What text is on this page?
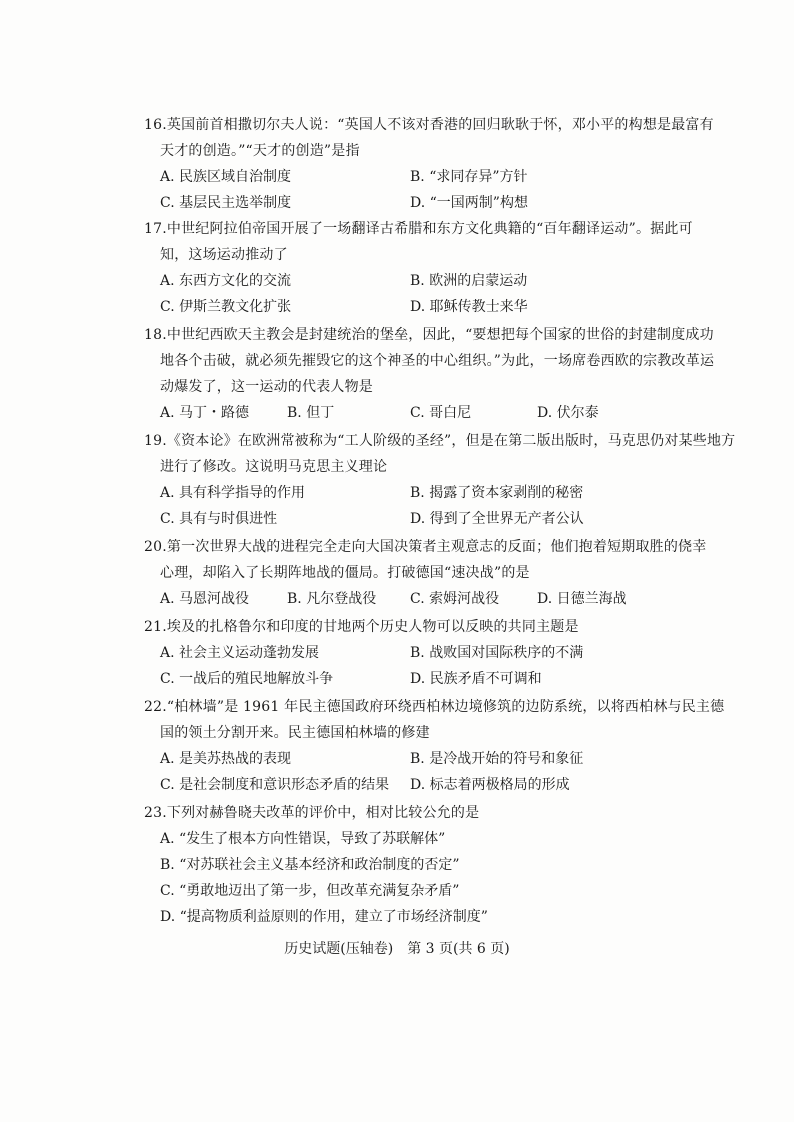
16.英国前首相撒切尔夫人说：“英国人不该对香港的回归耿耿于怀，邓小平的构想是最富有
天才的创造。”“天才的创造”是指
A. 民族区域自治制度	B. “求同存异”方针
C. 基层民主选举制度	D. “一国两制”构想
17.中世纪阿拉伯帝国开展了一场翻译古希腊和东方文化典籍的“百年翻译运动”。据此可
知，这场运动推动了
A. 东西方文化的交流	B. 欧洲的启蒙运动
C. 伊斯兰教文化扩张	D. 耶稣传教士来华
18.中世纪西欧天主教会是封建统治的堡垒，因此，“要想把每个国家的世俗的封建制度成功
地各个击破，就必须先摧毁它的这个神圣的中心组织。”为此，一场席卷西欧的宗教改革运
动爆发了，这一运动的代表人物是
A. 马丁・路德	B. 但丁	C. 哥白尼	D. 伏尔泰
19.《资本论》在欧洲常被称为“工人阶级的圣经”，但是在第二版出版时，马克思仍对某些地方
进行了修改。这说明马克思主义理论
A. 具有科学指导的作用	B. 揭露了资本家剥削的秘密
C. 具有与时俱进性	D. 得到了全世界无产者公认
20.第一次世界大战的进程完全走向大国决策者主观意志的反面；他们抱着短期取胜的侥幸
心理，却陷入了长期阵地战的僵局。打破德国“速决战”的是
A. 马恩河战役	B. 凡尔登战役 C. 索姆河战役	D. 日德兰海战
21.埃及的扎格鲁尔和印度的甘地两个历史人物可以反映的共同主题是
A. 社会主义运动蓬勃发展	B. 战败国对国际秩序的不满
C. 一战后的殖民地解放斗争	D. 民族矛盾不可调和
22.“柏林墙”是 1961 年民主德国政府环绕西柏林边境修筑的边防系统，以将西柏林与民主德
国的领土分割开来。民主德国柏林墙的修建
A. 是美苏热战的表现	B. 是冷战开始的符号和象征
C. 是社会制度和意识形态矛盾的结果 D. 标志着两极格局的形成
23.下列对赫鲁晓夫改革的评价中，相对比较公允的是
A. “发生了根本方向性错误，导致了苏联解体”
B. “对苏联社会主义基本经济和政治制度的否定”
C. “勇敢地迈出了第一步，但改革充满复杂矛盾”
D. “提高物质利益原则的作用，建立了市场经济制度”
历史试题(压轴卷)　第 3 页(共 6 页)
